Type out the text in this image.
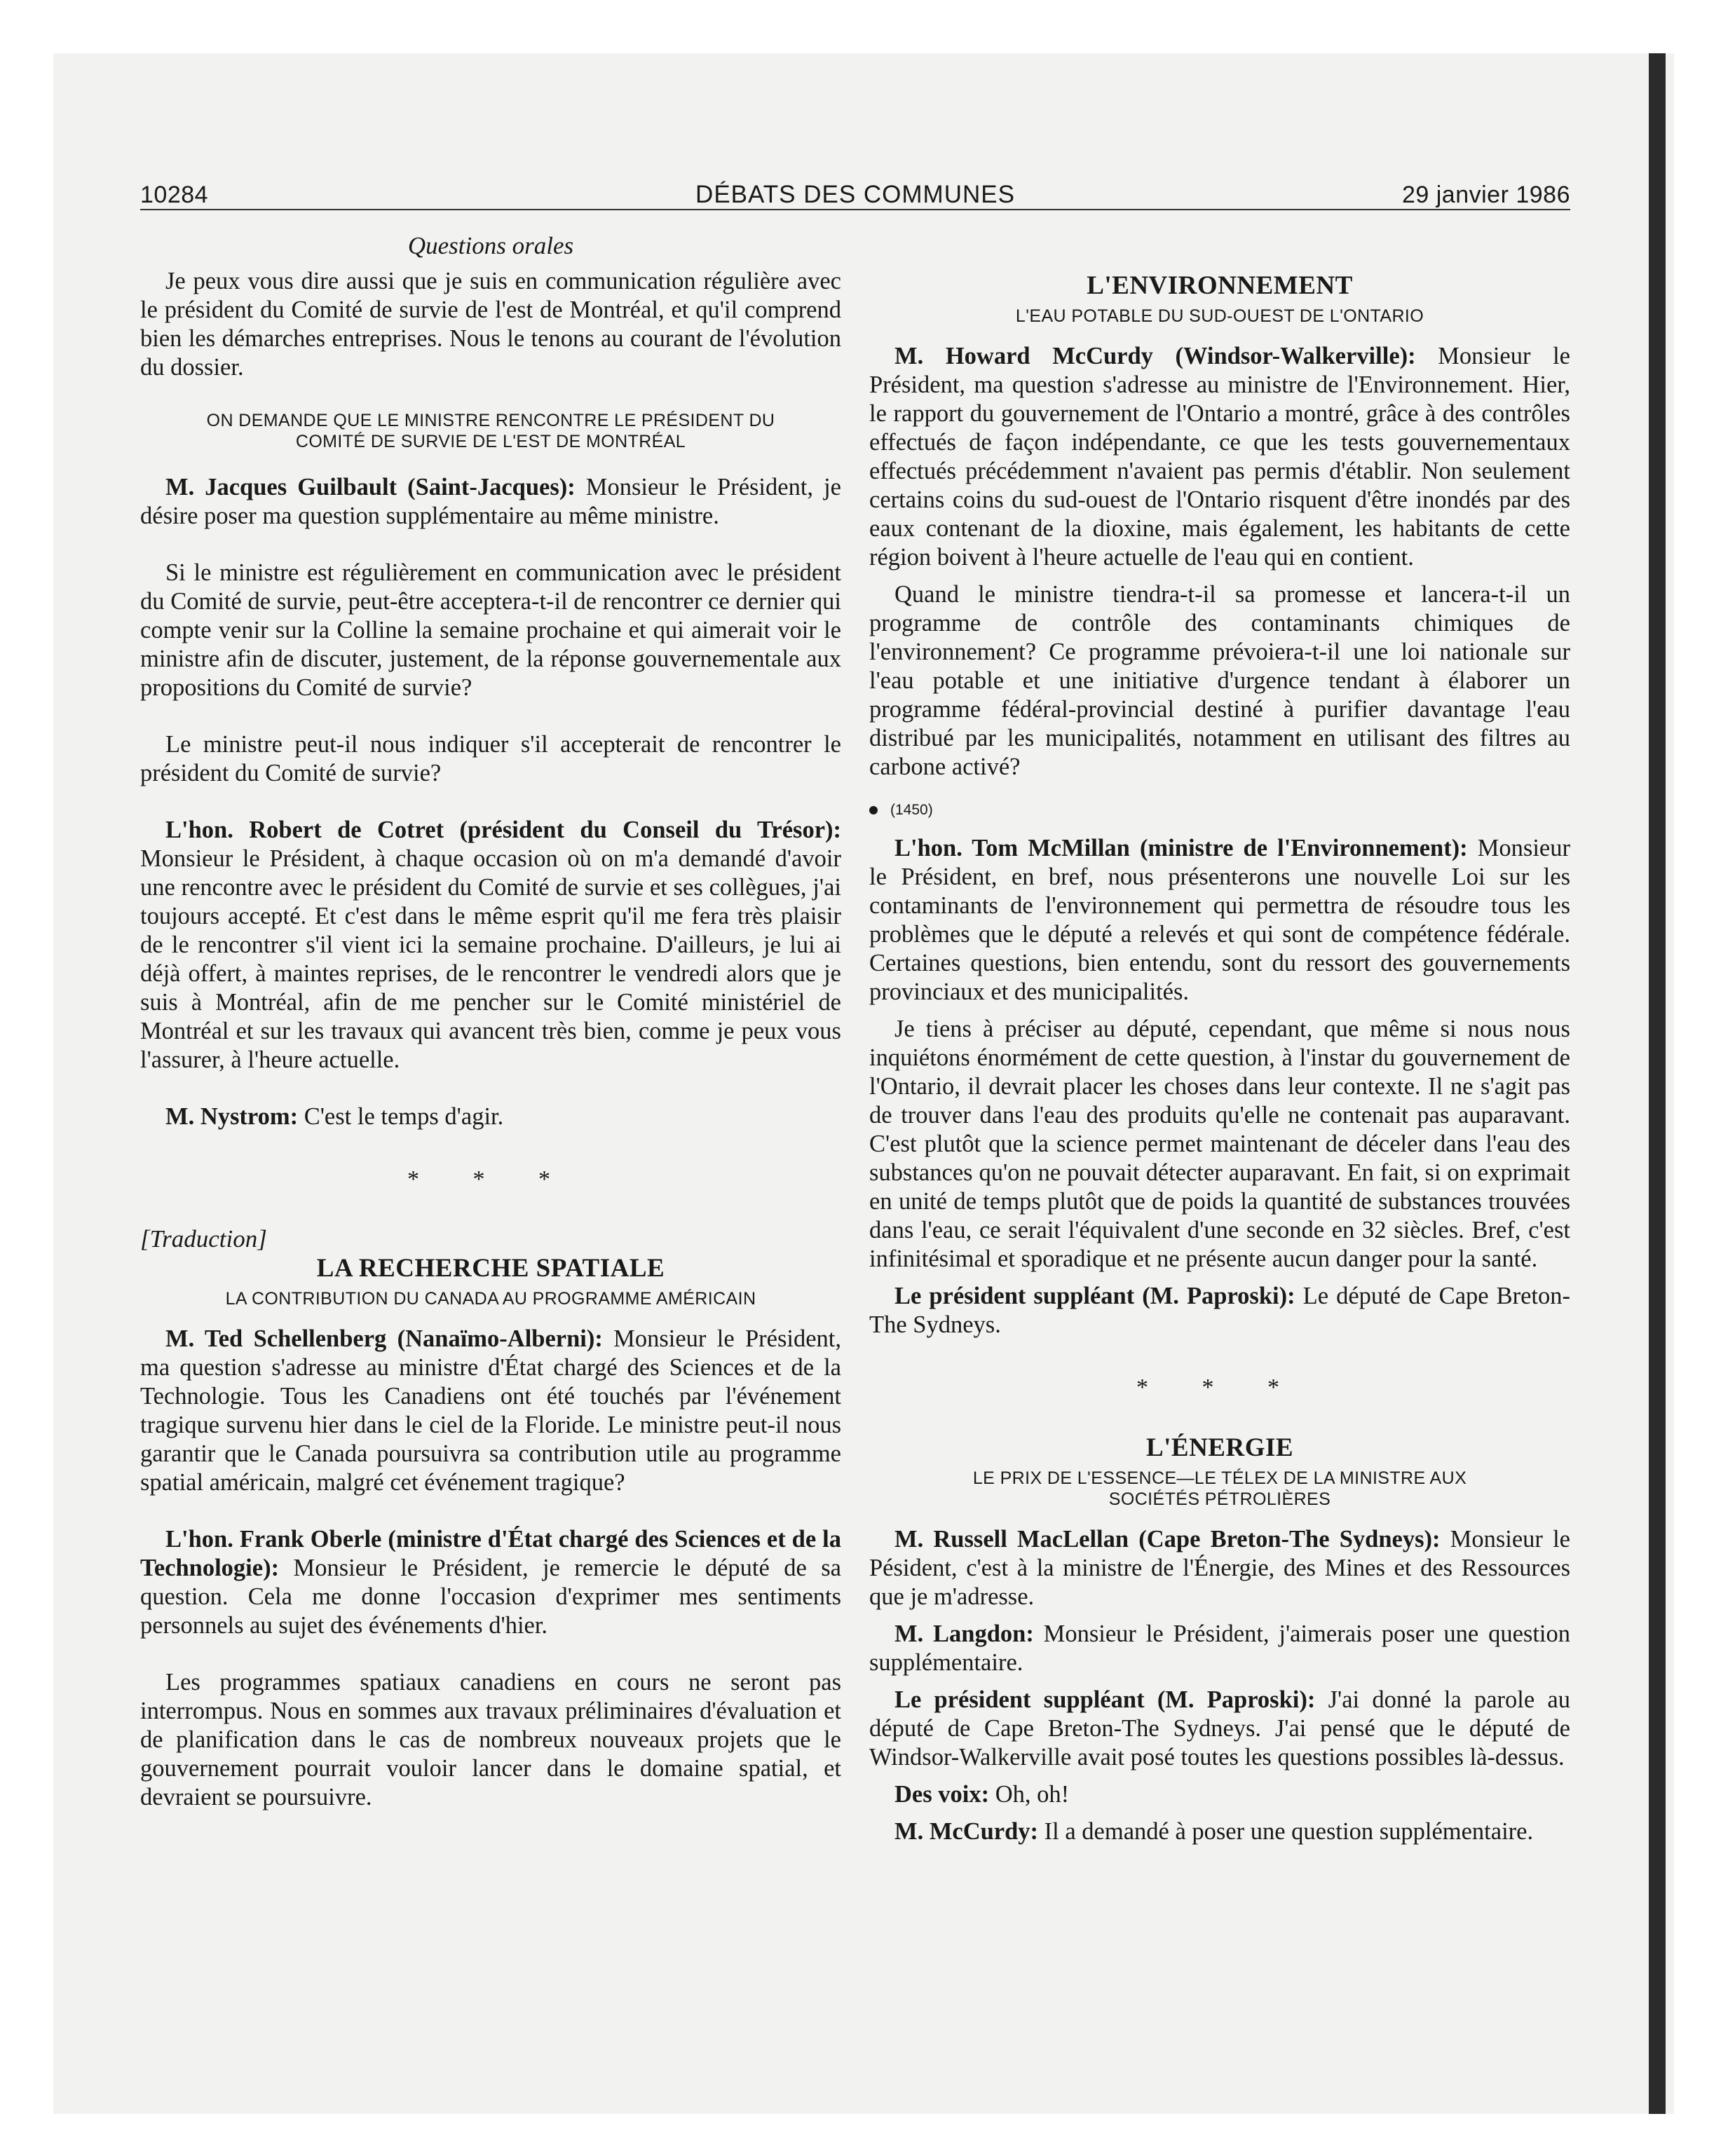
10284	DÉBATS DES COMMUNES	29 janvier 1986
Questions orales

Je peux vous dire aussi que je suis en communication régulière avec le président du Comité de survie de l'est de Montréal, et qu'il comprend bien les démarches entreprises. Nous le tenons au courant de l'évolution du dossier.

ON DEMANDE QUE LE MINISTRE RENCONTRE LE PRÉSIDENT DU
COMITÉ DE SURVIE DE L'EST DE MONTRÉAL

M. Jacques Guilbault (Saint-Jacques): Monsieur le Président, je désire poser ma question supplémentaire au même ministre.

Si le ministre est régulièrement en communication avec le président du Comité de survie, peut-être acceptera-t-il de rencontrer ce dernier qui compte venir sur la Colline la semaine prochaine et qui aimerait voir le ministre afin de discuter, justement, de la réponse gouvernementale aux propositions du Comité de survie?

Le ministre peut-il nous indiquer s'il accepterait de rencontrer le président du Comité de survie?

L'hon. Robert de Cotret (président du Conseil du Trésor): Monsieur le Président, à chaque occasion où on m'a demandé d'avoir une rencontre avec le président du Comité de survie et ses collègues, j'ai toujours accepté. Et c'est dans le même esprit qu'il me fera très plaisir de le rencontrer s'il vient ici la semaine prochaine. D'ailleurs, je lui ai déjà offert, à maintes reprises, de le rencontrer le vendredi alors que je suis à Montréal, afin de me pencher sur le Comité ministériel de Montréal et sur les travaux qui avancent très bien, comme je peux vous l'assurer, à l'heure actuelle.

M. Nystrom: C'est le temps d'agir.

* * *
[Traduction]
LA RECHERCHE SPATIALE
LA CONTRIBUTION DU CANADA AU PROGRAMME AMÉRICAIN

M. Ted Schellenberg (Nanaïmo-Alberni): Monsieur le Président, ma question s'adresse au ministre d'État chargé des Sciences et de la Technologie. Tous les Canadiens ont été touchés par l'événement tragique survenu hier dans le ciel de la Floride. Le ministre peut-il nous garantir que le Canada poursuivra sa contribution utile au programme spatial américain, malgré cet événement tragique?

L'hon. Frank Oberle (ministre d'État chargé des Sciences et de la Technologie): Monsieur le Président, je remercie le député de sa question. Cela me donne l'occasion d'exprimer mes sentiments personnels au sujet des événements d'hier.

Les programmes spatiaux canadiens en cours ne seront pas interrompus. Nous en sommes aux travaux préliminaires d'évaluation et de planification dans le cas de nombreux nouveaux projets que le gouvernement pourrait vouloir lancer dans le domaine spatial, et devraient se poursuivre.

L'ENVIRONNEMENT
L'EAU POTABLE DU SUD-OUEST DE L'ONTARIO

M. Howard McCurdy (Windsor-Walkerville): Monsieur le Président, ma question s'adresse au ministre de l'Environnement. Hier, le rapport du gouvernement de l'Ontario a montré, grâce à des contrôles effectués de façon indépendante, ce que les tests gouvernementaux effectués précédemment n'avaient pas permis d'établir. Non seulement certains coins du sud-ouest de l'Ontario risquent d'être inondés par des eaux contenant de la dioxine, mais également, les habitants de cette région boivent à l'heure actuelle de l'eau qui en contient.

Quand le ministre tiendra-t-il sa promesse et lancera-t-il un programme de contrôle des contaminants chimiques de l'environnement? Ce programme prévoiera-t-il une loi nationale sur l'eau potable et une initiative d'urgence tendant à élaborer un programme fédéral-provincial destiné à purifier davantage l'eau distribué par les municipalités, notamment en utilisant des filtres au carbone activé?

(1450)

L'hon. Tom McMillan (ministre de l'Environnement): Monsieur le Président, en bref, nous présenterons une nouvelle Loi sur les contaminants de l'environnement qui permettra de résoudre tous les problèmes que le député a relevés et qui sont de compétence fédérale. Certaines questions, bien entendu, sont du ressort des gouvernements provinciaux et des municipalités.

Je tiens à préciser au député, cependant, que même si nous nous inquiétons énormément de cette question, à l'instar du gouvernement de l'Ontario, il devrait placer les choses dans leur contexte. Il ne s'agit pas de trouver dans l'eau des produits qu'elle ne contenait pas auparavant. C'est plutôt que la science permet maintenant de déceler dans l'eau des substances qu'on ne pouvait détecter auparavant. En fait, si on exprimait en unité de temps plutôt que de poids la quantité de substances trouvées dans l'eau, ce serait l'équivalent d'une seconde en 32 siècles. Bref, c'est infinitésimal et sporadique et ne présente aucun danger pour la santé.

Le président suppléant (M. Paproski): Le député de Cape Breton-The Sydneys.

* * *
L'ÉNERGIE
LE PRIX DE L'ESSENCE—LE TÉLEX DE LA MINISTRE AUX
SOCIÉTÉS PÉTROLIÈRES

M. Russell MacLellan (Cape Breton-The Sydneys): Monsieur le Pésident, c'est à la ministre de l'Énergie, des Mines et des Ressources que je m'adresse.

M. Langdon: Monsieur le Président, j'aimerais poser une question supplémentaire.

Le président suppléant (M. Paproski): J'ai donné la parole au député de Cape Breton-The Sydneys. J'ai pensé que le député de Windsor-Walkerville avait posé toutes les questions possibles là-dessus.

Des voix: Oh, oh!

M. McCurdy: Il a demandé à poser une question supplémentaire.
